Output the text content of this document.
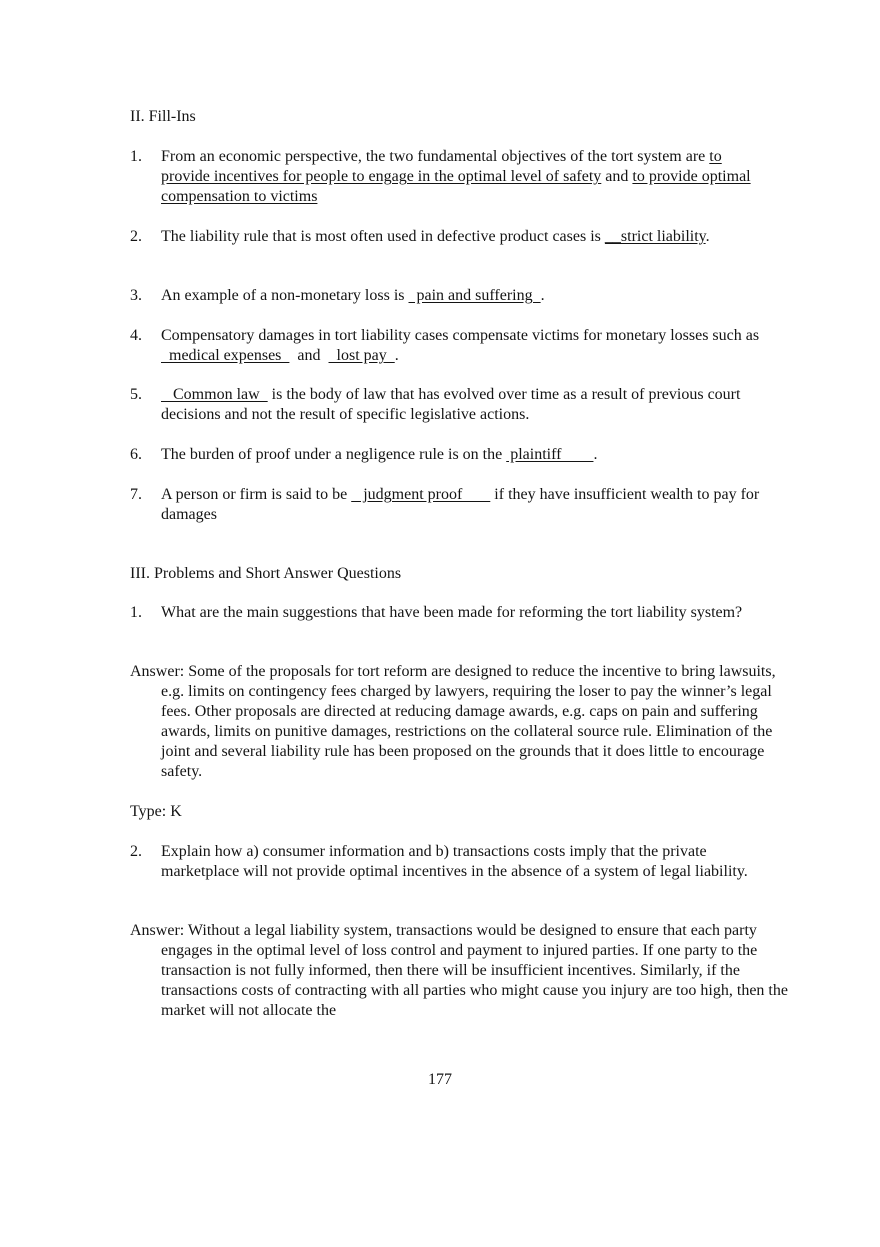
II. Fill-Ins
1. From an economic perspective, the two fundamental objectives of the tort system are to provide incentives for people to engage in the optimal level of safety and to provide optimal compensation to victims
2. The liability rule that is most often used in defective product cases is __strict liability.
3. An example of a non-monetary loss is   pain and suffering  .
4. Compensatory damages in tort liability cases compensate victims for monetary losses such as   medical expenses    and    lost pay  .
5. Common law   is the body of law that has evolved over time as a result of previous court decisions and not the result of specific legislative actions.
6. The burden of proof under a negligence rule is on the  plaintiff        .
7. A person or firm is said to be    judgment proof        if they have insufficient wealth to pay for damages
III. Problems and Short Answer Questions
1. What are the main suggestions that have been made for reforming the tort liability system?
Answer: Some of the proposals for tort reform are designed to reduce the incentive to bring lawsuits, e.g. limits on contingency fees charged by lawyers, requiring the loser to pay the winner’s legal fees. Other proposals are directed at reducing damage awards, e.g. caps on pain and suffering awards, limits on punitive damages, restrictions on the collateral source rule. Elimination of the joint and several liability rule has been proposed on the grounds that it does little to encourage safety.
Type: K
2. Explain how a) consumer information and b) transactions costs imply that the private marketplace will not provide optimal incentives in the absence of a system of legal liability.
Answer: Without a legal liability system, transactions would be designed to ensure that each party engages in the optimal level of loss control and payment to injured parties. If one party to the transaction is not fully informed, then there will be insufficient incentives. Similarly, if the transactions costs of contracting with all parties who might cause you injury are too high, then the market will not allocate the
177
